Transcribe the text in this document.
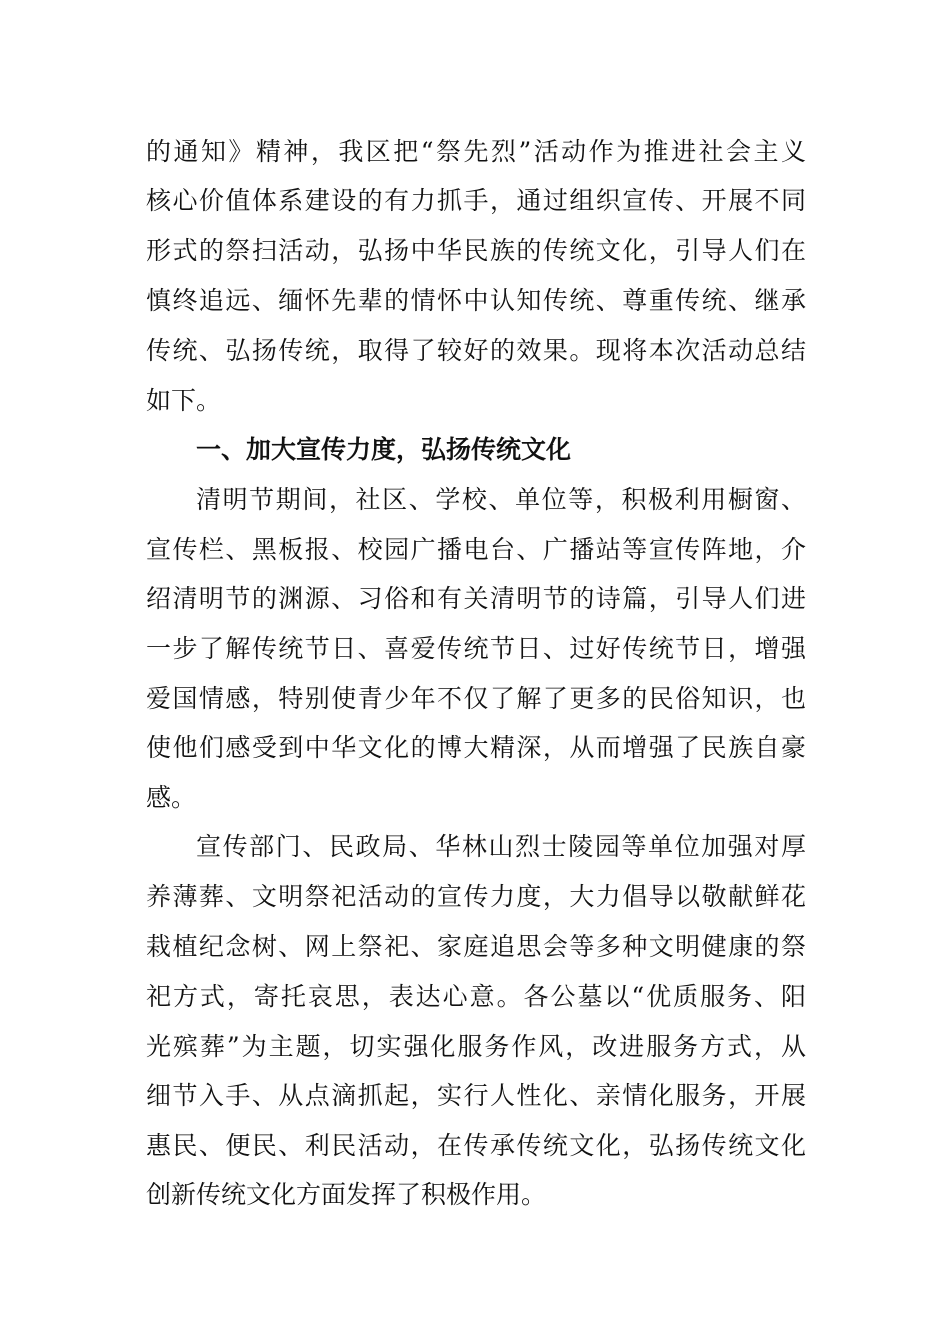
的通知》精神，我区把“祭先烈”活动作为推进社会主义

核心价值体系建设的有力抓手，通过组织宣传、开展不同

形式的祭扫活动，弘扬中华民族的传统文化，引导人们在

慎终追远、缅怀先辈的情怀中认知传统、尊重传统、继承

传统、弘扬传统，取得了较好的效果。现将本次活动总结

如下。

一、加大宣传力度，弘扬传统文化

清明节期间，社区、学校、单位等，积极利用橱窗、

宣传栏、黑板报、校园广播电台、广播站等宣传阵地，介

绍清明节的渊源、习俗和有关清明节的诗篇，引导人们进

一步了解传统节日、喜爱传统节日、过好传统节日，增强

爱国情感，特别使青少年不仅了解了更多的民俗知识，也

使他们感受到中华文化的博大精深，从而增强了民族自豪

感。

宣传部门、民政局、华林山烈士陵园等单位加强对厚

养薄葬、文明祭祀活动的宣传力度，大力倡导以敬献鲜花

栽植纪念树、网上祭祀、家庭追思会等多种文明健康的祭

祀方式，寄托哀思，表达心意。各公墓以“优质服务、阳

光殡葬”为主题，切实强化服务作风，改进服务方式，从

细节入手、从点滴抓起，实行人性化、亲情化服务，开展

惠民、便民、利民活动，在传承传统文化，弘扬传统文化

创新传统文化方面发挥了积极作用。
